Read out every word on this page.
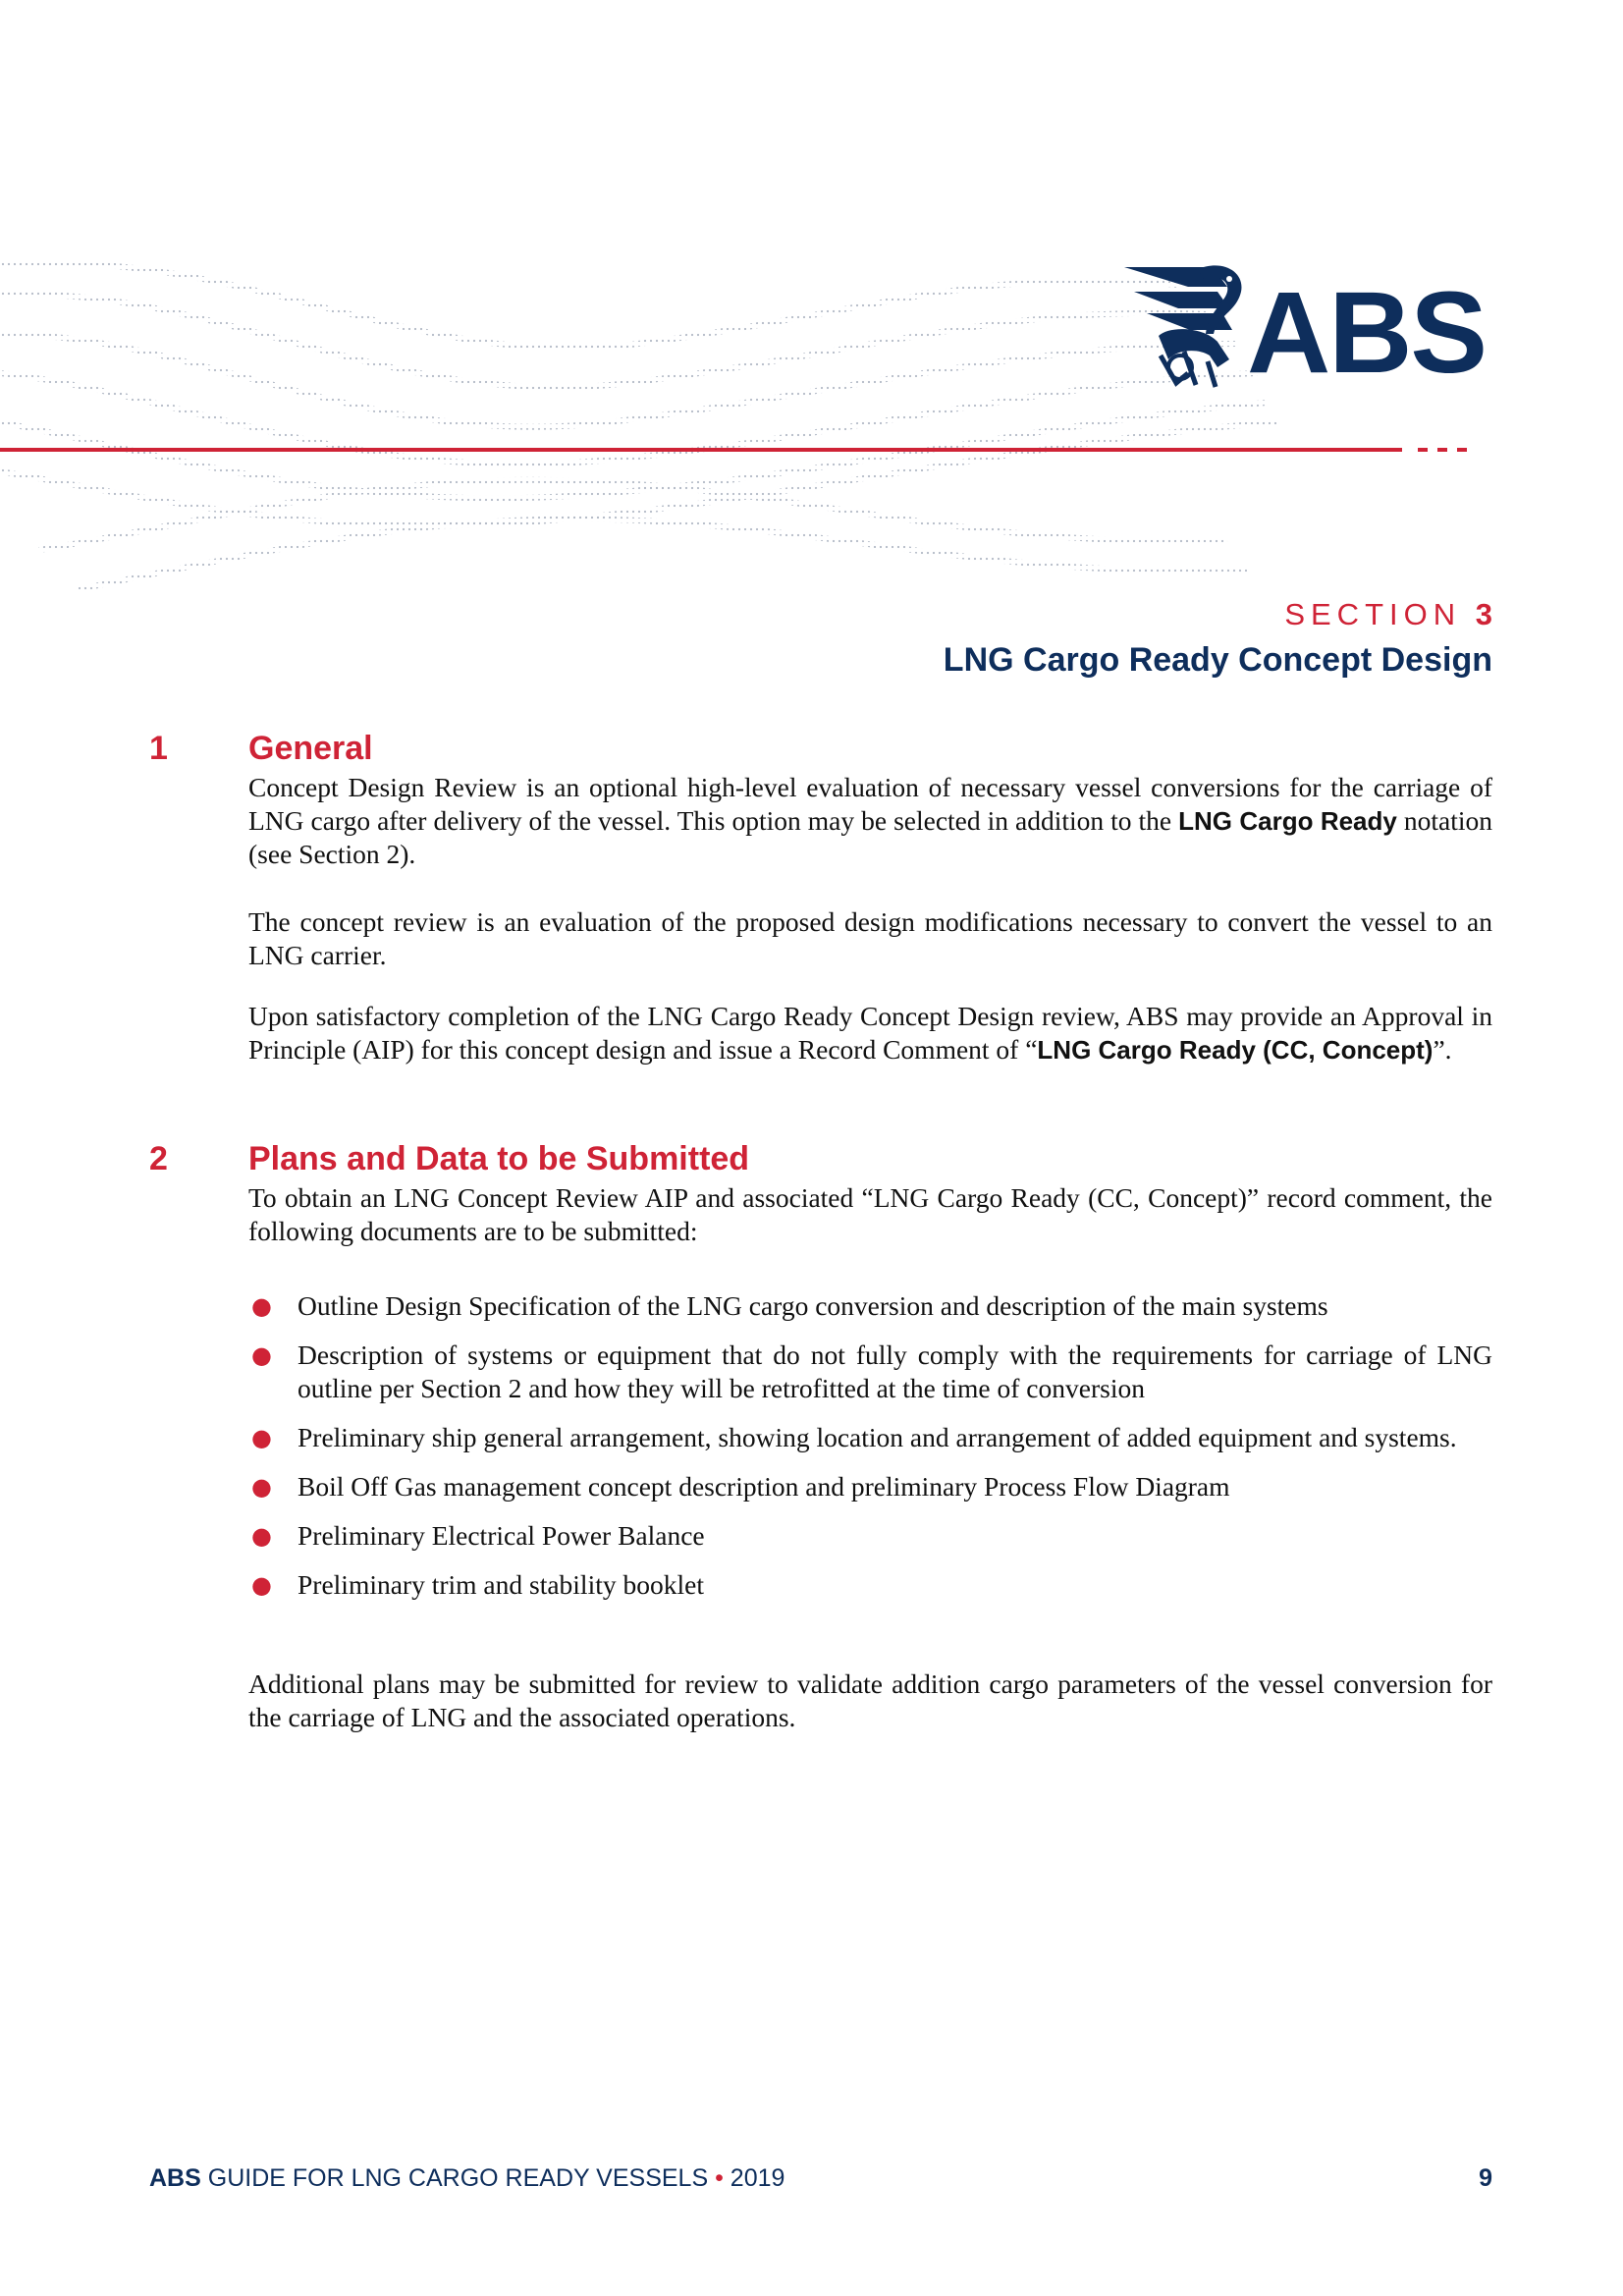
ABS
SECTION 3
LNG Cargo Ready Concept Design
1 General

Concept Design Review is an optional high-level evaluation of necessary vessel conversions for the carriage of LNG cargo after delivery of the vessel. This option may be selected in addition to the LNG Cargo Ready notation (see Section 2).

The concept review is an evaluation of the proposed design modifications necessary to convert the vessel to an LNG carrier.

Upon satisfactory completion of the LNG Cargo Ready Concept Design review, ABS may provide an Approval in Principle (AIP) for this concept design and issue a Record Comment of “LNG Cargo Ready (CC, Concept)”.

2 Plans and Data to be Submitted

To obtain an LNG Concept Review AIP and associated “LNG Cargo Ready (CC, Concept)” record comment, the following documents are to be submitted:

● Outline Design Specification of the LNG cargo conversion and description of the main systems
● Description of systems or equipment that do not fully comply with the requirements for carriage of LNG outline per Section 2 and how they will be retrofitted at the time of conversion
● Preliminary ship general arrangement, showing location and arrangement of added equipment and systems.
● Boil Off Gas management concept description and preliminary Process Flow Diagram
● Preliminary Electrical Power Balance
● Preliminary trim and stability booklet

Additional plans may be submitted for review to validate addition cargo parameters of the vessel conversion for the carriage of LNG and the associated operations.

ABS GUIDE FOR LNG CARGO READY VESSELS • 2019	9
